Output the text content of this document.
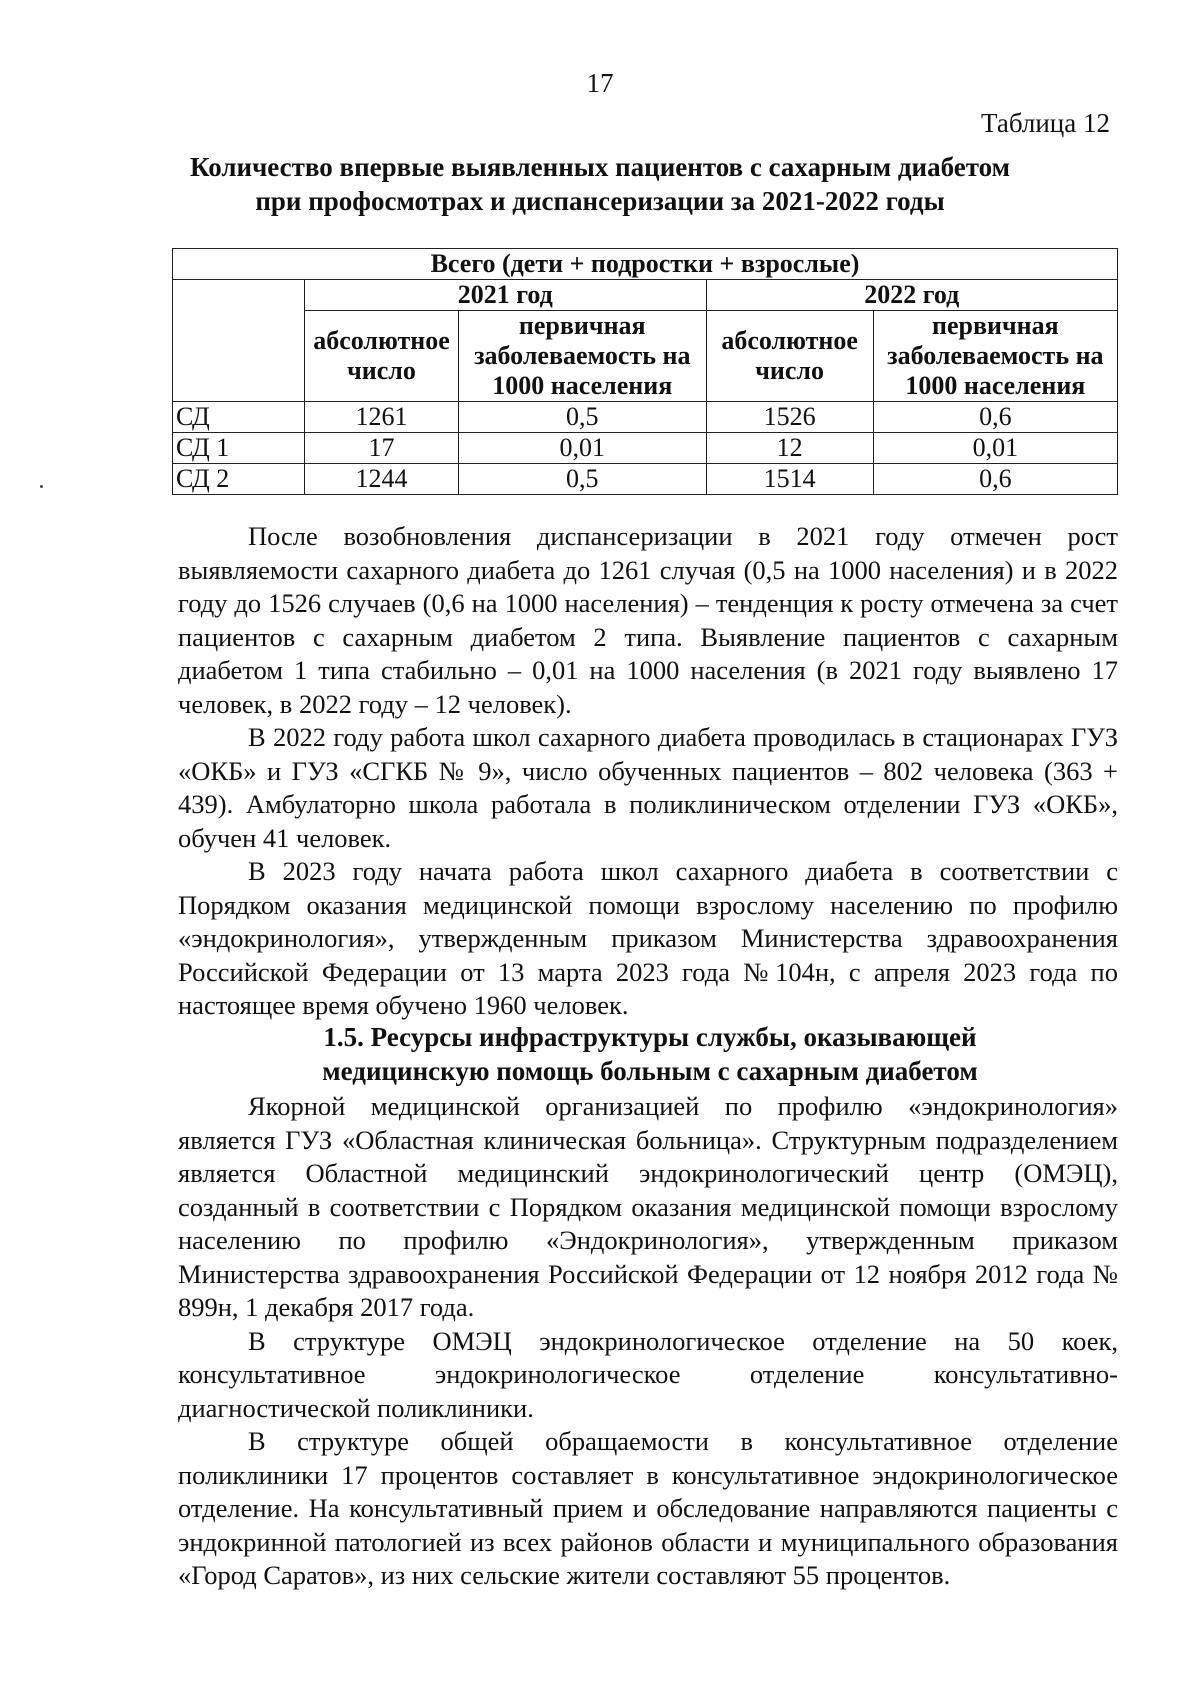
17
Таблица 12
Количество впервые выявленных пациентов с сахарным диабетом
при профосмотрах и диспансеризации за 2021-2022 годы
Всего (дети + подростки + взрослые)				
	2021 год		2022 год	
	абсолютное число	первичная заболеваемость на 1000 населения	абсолютное число	первичная заболеваемость на 1000 населения
СД	1261	0,5	1526	0,6
СД 1	17	0,01	12	0,01
СД 2	1244	0,5	1514	0,6

После возобновления диспансеризации в 2021 году отмечен рост выявляемости сахарного диабета до 1261 случая (0,5 на 1000 населения) и в 2022 году до 1526 случаев (0,6 на 1000 населения) – тенденция к росту отмечена за счет пациентов с сахарным диабетом 2 типа. Выявление пациентов с сахарным диабетом 1 типа стабильно – 0,01 на 1000 населения (в 2021 году выявлено 17 человек, в 2022 году – 12 человек).

В 2022 году работа школ сахарного диабета проводилась в стационарах ГУЗ «ОКБ» и ГУЗ «СГКБ № 9», число обученных пациентов – 802 человека (363 + 439). Амбулаторно школа работала в поликлиническом отделении ГУЗ «ОКБ», обучен 41 человек.

В 2023 году начата работа школ сахарного диабета в соответствии с Порядком оказания медицинской помощи взрослому населению по профилю «эндокринология», утвержденным приказом Министерства здравоохранения Российской Федерации от 13 марта 2023 года №104н, с апреля 2023 года по настоящее время обучено 1960 человек.

1.5. Ресурсы инфраструктуры службы, оказывающей
медицинскую помощь больным с сахарным диабетом

Якорной медицинской организацией по профилю «эндокринология» является ГУЗ «Областная клиническая больница». Структурным подразделением является Областной медицинский эндокринологический центр (ОМЭЦ), созданный в соответствии с Порядком оказания медицинской помощи взрослому населению по профилю «Эндокринология», утвержденным приказом Министерства здравоохранения Российской Федерации от 12 ноября 2012 года № 899н, 1 декабря 2017 года.

В структуре ОМЭЦ эндокринологическое отделение на 50 коек, консультативное эндокринологическое отделение консультативно-диагностической поликлиники.

В структуре общей обращаемости в консультативное отделение поликлиники 17 процентов составляет в консультативное эндокринологическое отделение. На консультативный прием и обследование направляются пациенты с эндокринной патологией из всех районов области и муниципального образования «Город Саратов», из них сельские жители составляют 55 процентов.
